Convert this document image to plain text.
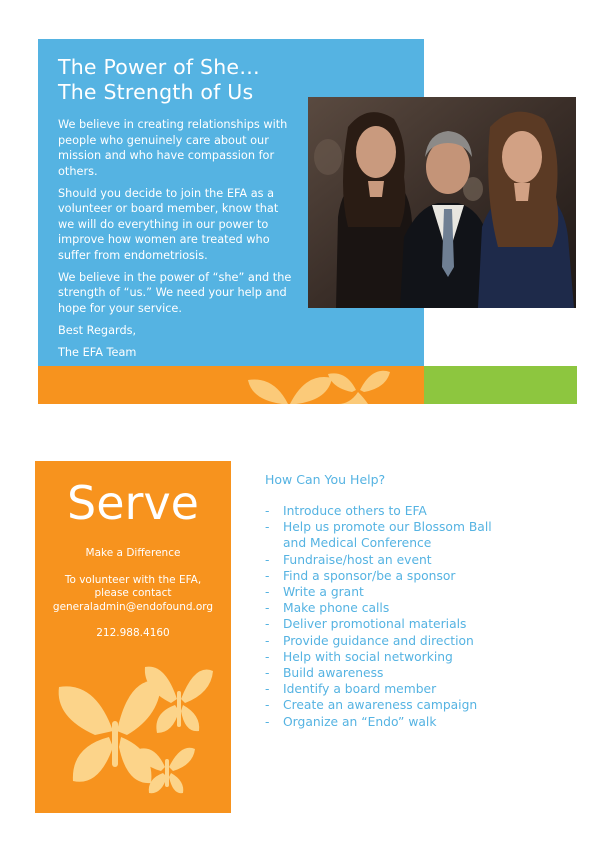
The Power of She…
The Strength of Us

We believe in creating relationships with people who genuinely care about our mission and who have compassion for others.

Should you decide to join the EFA as a volunteer or board member, know that we will do everything in our power to improve how women are treated who suffer from endometriosis.

We believe in the power of “she” and the strength of “us.” We need your help and hope for your service.

Best Regards,

The EFA Team

Serve

Make a Difference

To volunteer with the EFA,
please contact
generaladmin@endofound.org

212.988.4160

How Can You Help?
- Introduce others to EFA
- Help us promote our Blossom Ball
and Medical Conference
- Fundraise/host an event
- Find a sponsor/be a sponsor
- Write a grant
- Make phone calls
- Deliver promotional materials
- Provide guidance and direction
- Help with social networking
- Build awareness
- Identify a board member
- Create an awareness campaign
- Organize an “Endo” walk
